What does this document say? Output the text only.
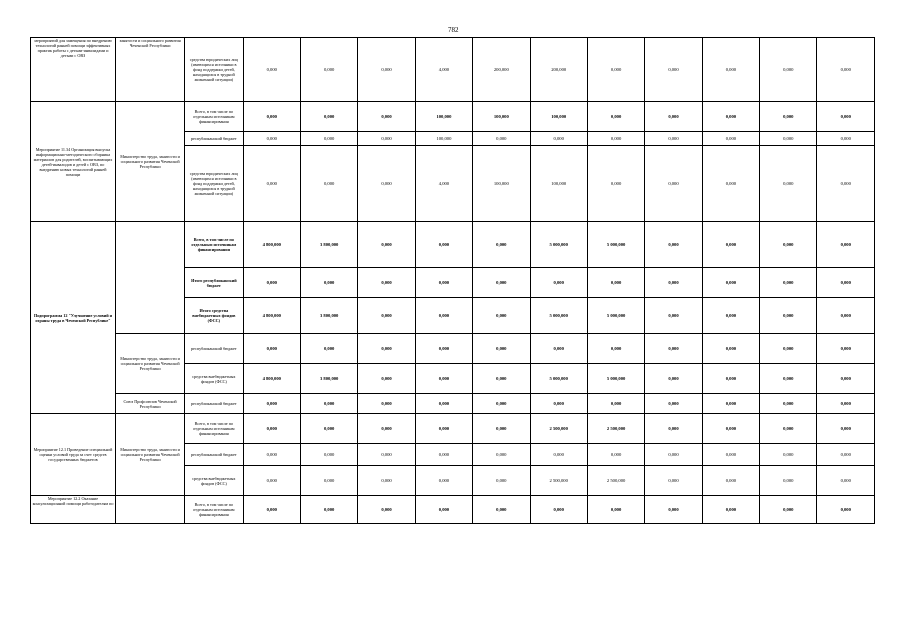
782
мероприятий для замещения по внедрению технологий ранней помощи эффективных практик работы с детьми-инвалидами и детьми с ОВЗ	занятости и социального развития Чеченской Республики	средства юридических лиц (имеющихся источники в фонд поддержки детей, находящихся в трудной жизненной ситуации)	0,000	0,000	0,000	4,000	200,000	200,000	0,000	0,000	0,000	0,000	0,000
Мероприятие 11.34 Организация выпуска информационно-методического сборника материалов для родителей, воспитывающих детей-инвалидов и детей с ОВЗ, по внедрению новых технологий ранней помощи	Министерство труда, занятости и социального развития Чеченской Республики	Всего, в том числе по отдельным источникам финансирования	0,000	0,000	0,000	100,000	100,000	100,000	0,000	0,000	0,000	0,000	0,000
		республиканский бюджет	0,000	0,000	0,000	100,000	0,000	0,000	0,000	0,000	0,000	0,000	0,000
		средства юридических лиц (имеющихся источники в фонд поддержки детей, находящихся в трудной жизненной ситуации)	0,000	0,000	0,000	4,000	100,000	100,000	0,000	0,000	0,000	0,000	0,000
Подпрограмма 12 "Улучшение условий и охраны труда в Чеченской Республике"		Всего, в том числе по отдельным источникам финансирования	4 800,000	3 800,000	0,000	0,000	0,000	5 000,000	5 000,000	0,000	0,000	0,000	0,000
		Итого республиканский бюджет	0,000	0,000	0,000	0,000	0,000	0,000	0,000	0,000	0,000	0,000	0,000
		Итого средства внебюджетных фондов (ФСС)	4 800,000	3 800,000	0,000	0,000	0,000	5 000,000	5 000,000	0,000	0,000	0,000	0,000
	Министерство труда, занятости и социального развития Чеченской Республики	республиканский бюджет	0,000	0,000	0,000	0,000	0,000	0,000	0,000	0,000	0,000	0,000	0,000
		средства внебюджетных фондов (ФСС)	4 800,000	3 800,000	0,000	0,000	0,000	5 000,000	5 000,000	0,000	0,000	0,000	0,000
	Союз Профсоюзов Чеченской Республики	республиканский бюджет	0,000	0,000	0,000	0,000	0,000	0,000	0,000	0,000	0,000	0,000	0,000
Мероприятие 12.1 Проведение специальной оценки условий труда за счет средств государственных бюджетов	Министерство труда, занятости и социального развития Чеченской Республики	Всего, в том числе по отдельным источникам финансирования	0,000	0,000	0,000	0,000	0,000	2 500,000	2 500,000	0,000	0,000	0,000	0,000
		республиканский бюджет	0,000	0,000	0,000	0,000	0,000	0,000	0,000	0,000	0,000	0,000	0,000
		средства внебюджетных фондов (ФСС)	0,000	0,000	0,000	0,000	0,000	2 500,000	2 500,000	0,000	0,000	0,000	0,000
Мероприятие 12.2 Оказание консультационной помощи работодателям по		Всего, в том числе по отдельным источникам финансирования	0,000	0,000	0,000	0,000	0,000	0,000	0,000	0,000	0,000	0,000	0,000
